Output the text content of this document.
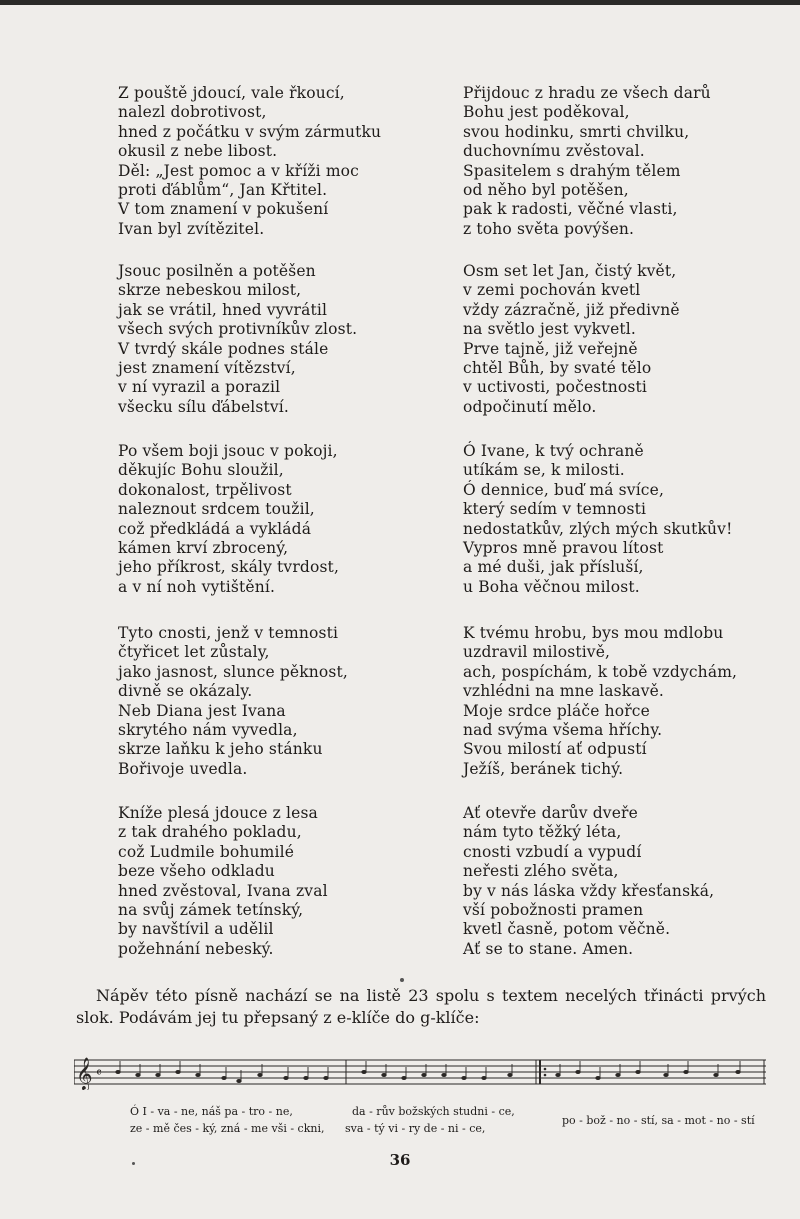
Z pouště jdoucí, vale řkoucí,
nalezl dobrotivost,
hned z počátku v svým zármutku
okusil z nebe libost.
Děl: „Jest pomoc a v kříži moc
proti ďáblům“, Jan Křtitel.
V tom znamení v pokušení
Ivan byl zvítězitel.
Jsouc posilněn a potěšen
skrze nebeskou milost,
jak se vrátil, hned vyvrátil
všech svých protivníkův zlost.
V tvrdý skále podnes stále
jest znamení vítězství,
v ní vyrazil a porazil
všecku sílu ďábelství.
Po všem boji jsouc v pokoji,
děkujíc Bohu sloužil,
dokonalost, trpělivost
naleznout srdcem toužil,
což předkládá a vykládá
kámen krví zbrocený,
jeho příkrost, skály tvrdost,
a v ní noh vytištění.
Tyto cnosti, jenž v temnosti
čtyřicet let zůstaly,
jako jasnost, slunce pěknost,
divně se okázaly.
Neb Diana jest Ivana
skrytého nám vyvedla,
skrze laňku k jeho stánku
Bořivoje uvedla.
Kníže plesá jdouce z lesa
z tak drahého pokladu,
což Ludmile bohumilé
beze všeho odkladu
hned zvěstoval, Ivana zval
na svůj zámek tetínský,
by navštívil a udělil
požehnání nebeský.
Přijdouc z hradu ze všech darů
Bohu jest poděkoval,
svou hodinku, smrti chvilku,
duchovnímu zvěstoval.
Spasitelem s drahým tělem
od něho byl potěšen,
pak k radosti, věčné vlasti,
z toho světa povýšen.
Osm set let Jan, čistý květ,
v zemi pochován kvetl
vždy zázračně, již předivně
na světlo jest vykvetl.
Prve tajně, již veřejně
chtěl Bůh, by svaté tělo
v uctivosti, počestnosti
odpočinutí mělo.
Ó Ivane, k tvý ochraně
utíkám se, k milosti.
Ó dennice, buď má svíce,
který sedím v temnosti
nedostatkův, zlých mých skutkův!
Vypros mně pravou lítost
a mé duši, jak přísluší,
u Boha věčnou milost.
K tvému hrobu, bys mou mdlobu
uzdravil milostivě,
ach, pospíchám, k tobě vzdychám,
vzhlédni na mne laskavě.
Moje srdce pláče hořce
nad svýma všema hříchy.
Svou milostí ať odpustí
Ježíš, beránek tichý.
Ať otevře darův dveře
nám tyto těžký léta,
cnosti vzbudí a vypudí
neřesti zlého světa,
by v nás láska vždy křesťanská,
vší pobožnosti pramen
kvetl časně, potom věčně.
Ať se to stane. Amen.
Nápěv této písně nachází se na listě 23 spolu s textem necelých třinácti prvých slok. Podávám jej tu přepsaný z e-klíče do g-klíče:
𝄞 𝄴
Ó I - va - ne, náš pa - tro - ne,	da - rův božských studni - ce,
ze - mě čes - ký, zná - me vši - ckni, sva - tý vi - ry de - ni - ce,
po - bož - no - stí, sa - mot - no - stí
36
